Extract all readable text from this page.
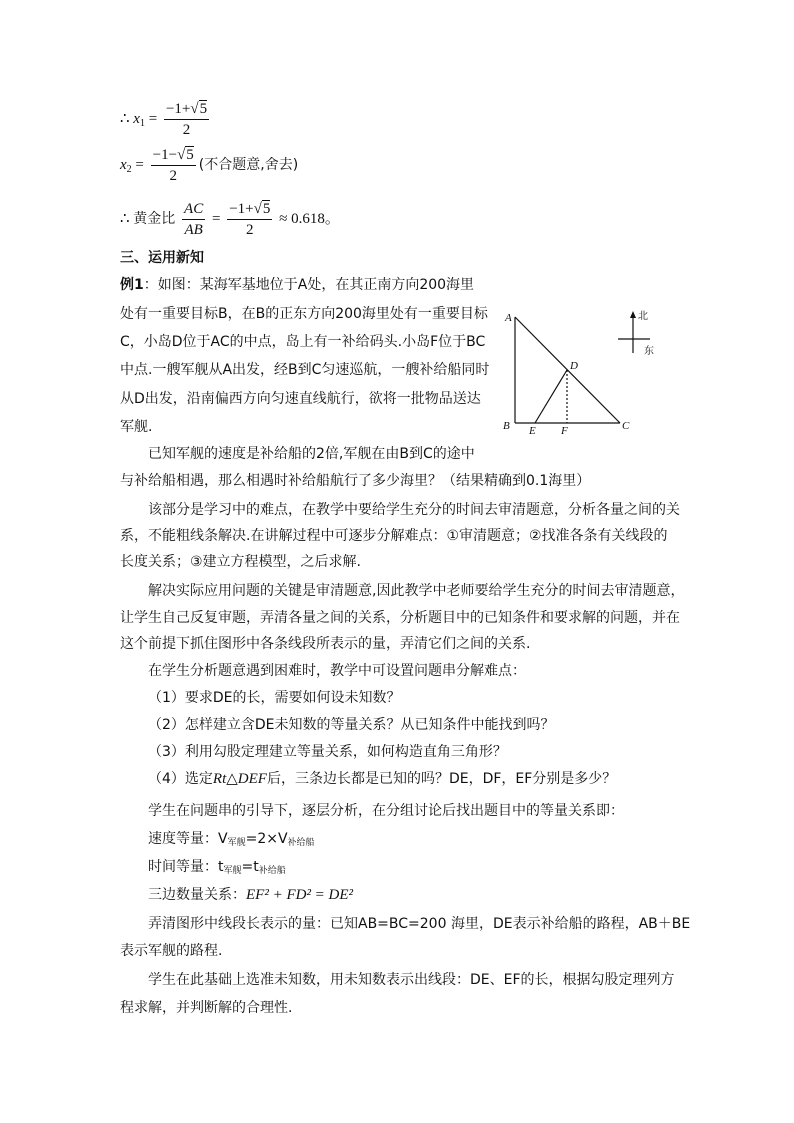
∴ $x_1 = \frac{-1+√5}{2}$
$x_2 = \frac{-1-√5}{2}$ (不合题意,舍去)
∴ 黄金比 $\frac{AC}{AB} = \frac{-1+√5}{2} \approx 0.618$。
三、运用新知
例1：如图：某海军基地位于A处，在其正南方向200海里
处有一重要目标B，在B的正东方向200海里处有一重要目标
C，小岛D位于AC的中点，岛上有一补给码头.小岛F位于BC
中点.一艘军舰从A出发，经B到C匀速巡航，一艘补给船同时
从D出发，沿南偏西方向匀速直线航行，欲将一批物品送达
军舰.
A
B	C
D
E F
北
东
已知军舰的速度是补给船的2倍,军舰在由B到C的途中
与补给船相遇，那么相遇时补给船航行了多少海里？（结果精确到0.1海里）
该部分是学习中的难点，在教学中要给学生充分的时间去审清题意，分析各量之间的关
系，不能粗线条解决.在讲解过程中可逐步分解难点：①审清题意；②找准各条有关线段的
长度关系；③建立方程模型，之后求解.
解决实际应用问题的关键是审清题意,因此教学中老师要给学生充分的时间去审清题意，
让学生自己反复审题，弄清各量之间的关系，分析题目中的已知条件和要求解的问题，并在
这个前提下抓住图形中各条线段所表示的量，弄清它们之间的关系.
在学生分析题意遇到困难时，教学中可设置问题串分解难点：
（1）要求DE的长，需要如何设未知数？
（2）怎样建立含DE未知数的等量关系？从已知条件中能找到吗？
（3）利用勾股定理建立等量关系，如何构造直角三角形？
（4）选定Rt△DEF后，三条边长都是已知的吗？DE，DF，EF分别是多少？
学生在问题串的引导下，逐层分析，在分组讨论后找出题目中的等量关系即：
速度等量：V军舰=2×V补给船
时间等量：t军舰=t补给船
三边数量关系：EF² + FD² = DE²
弄清图形中线段长表示的量：已知AB=BC=200 海里，DE表示补给船的路程，AB＋BE
表示军舰的路程.
学生在此基础上选准未知数，用未知数表示出线段：DE、EF的长，根据勾股定理列方
程求解，并判断解的合理性.
